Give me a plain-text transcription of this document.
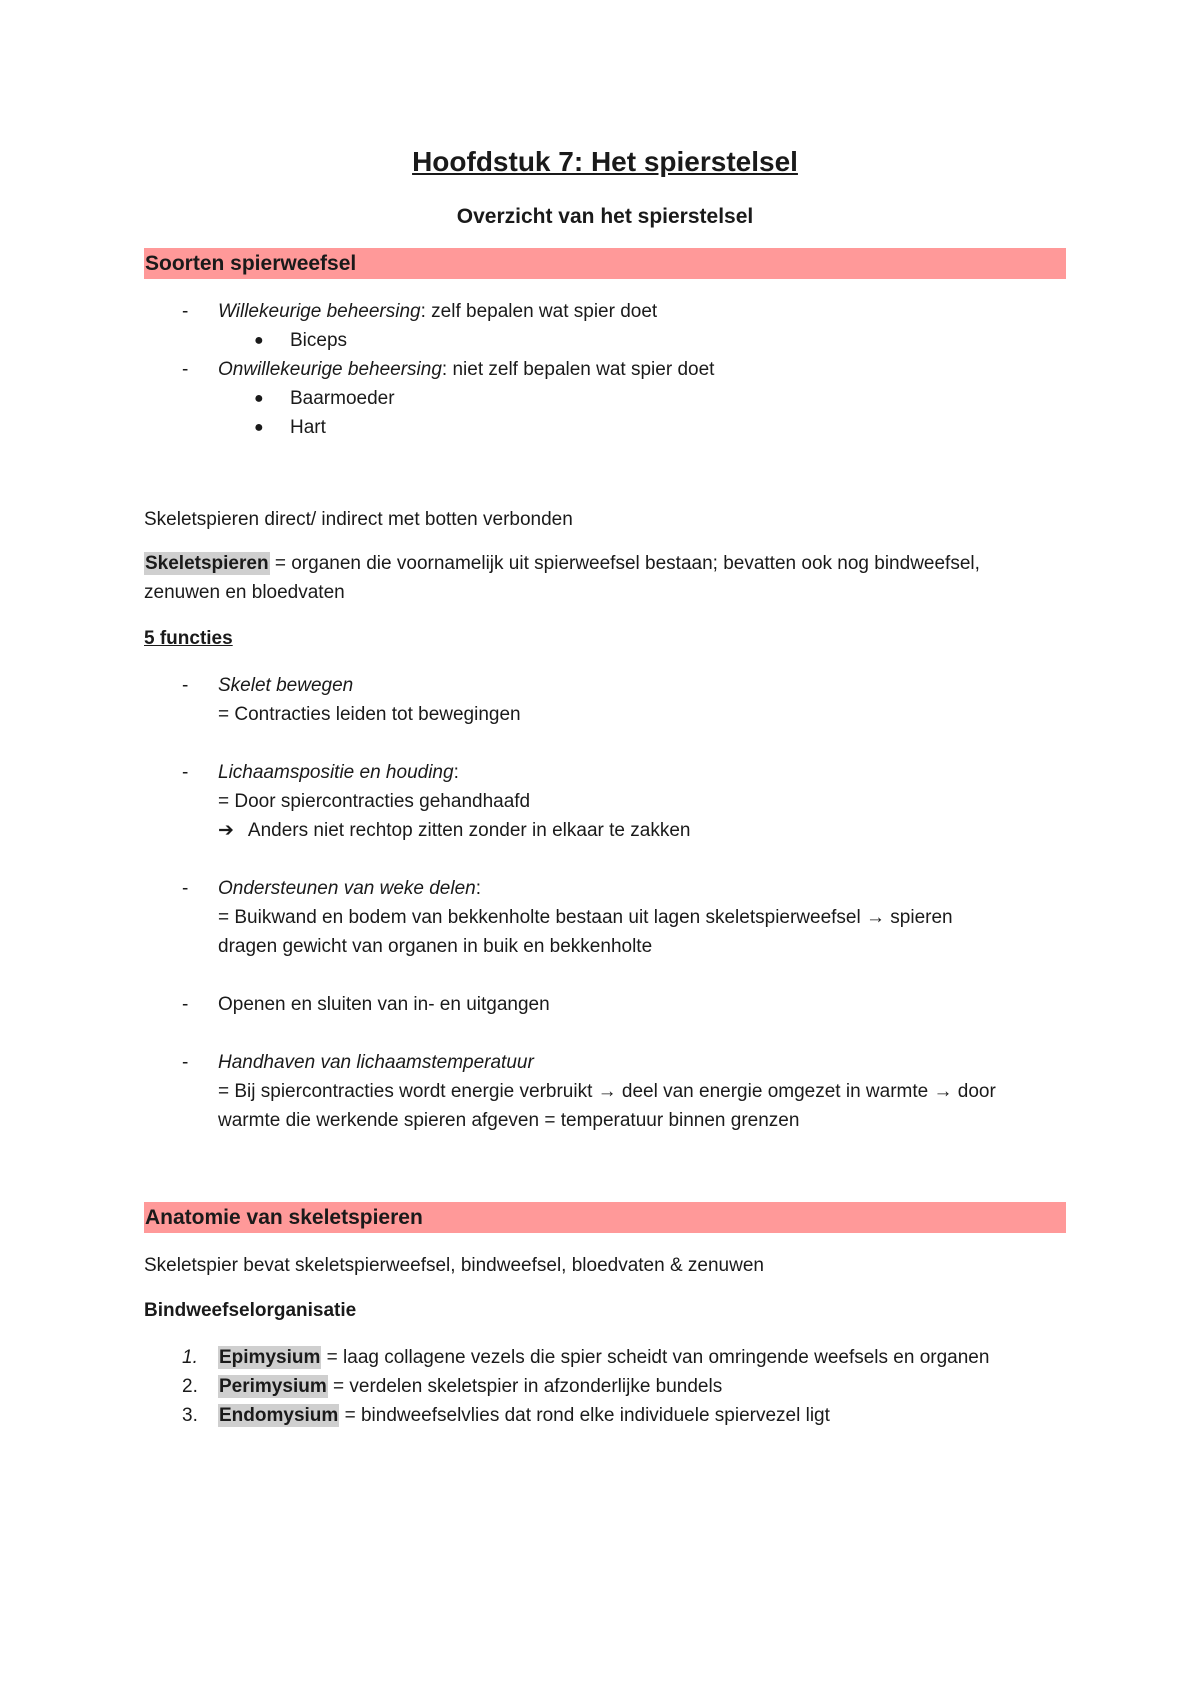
Hoofdstuk 7: Het spierstelsel
Overzicht van het spierstelsel
Soorten spierweefsel
- Willekeurige beheersing: zelf bepalen wat spier doet
● Biceps
- Onwillekeurige beheersing: niet zelf bepalen wat spier doet
● Baarmoeder
● Hart
Skeletspieren direct/ indirect met botten verbonden
Skeletspieren = organen die voornamelijk uit spierweefsel bestaan; bevatten ook nog bindweefsel,
zenuwen en bloedvaten
5 functies
- Skelet bewegen
= Contracties leiden tot bewegingen
- Lichaamspositie en houding:
= Door spiercontracties gehandhaafd
➔ Anders niet rechtop zitten zonder in elkaar te zakken
- Ondersteunen van weke delen:
= Buikwand en bodem van bekkenholte bestaan uit lagen skeletspierweefsel → spieren
dragen gewicht van organen in buik en bekkenholte
- Openen en sluiten van in- en uitgangen
- Handhaven van lichaamstemperatuur
= Bij spiercontracties wordt energie verbruikt → deel van energie omgezet in warmte → door
warmte die werkende spieren afgeven = temperatuur binnen grenzen
Anatomie van skeletspieren
Skeletspier bevat skeletspierweefsel, bindweefsel, bloedvaten & zenuwen
Bindweefselorganisatie
1. Epimysium = laag collagene vezels die spier scheidt van omringende weefsels en organen
2. Perimysium = verdelen skeletspier in afzonderlijke bundels
3. Endomysium = bindweefselvlies dat rond elke individuele spiervezel ligt
